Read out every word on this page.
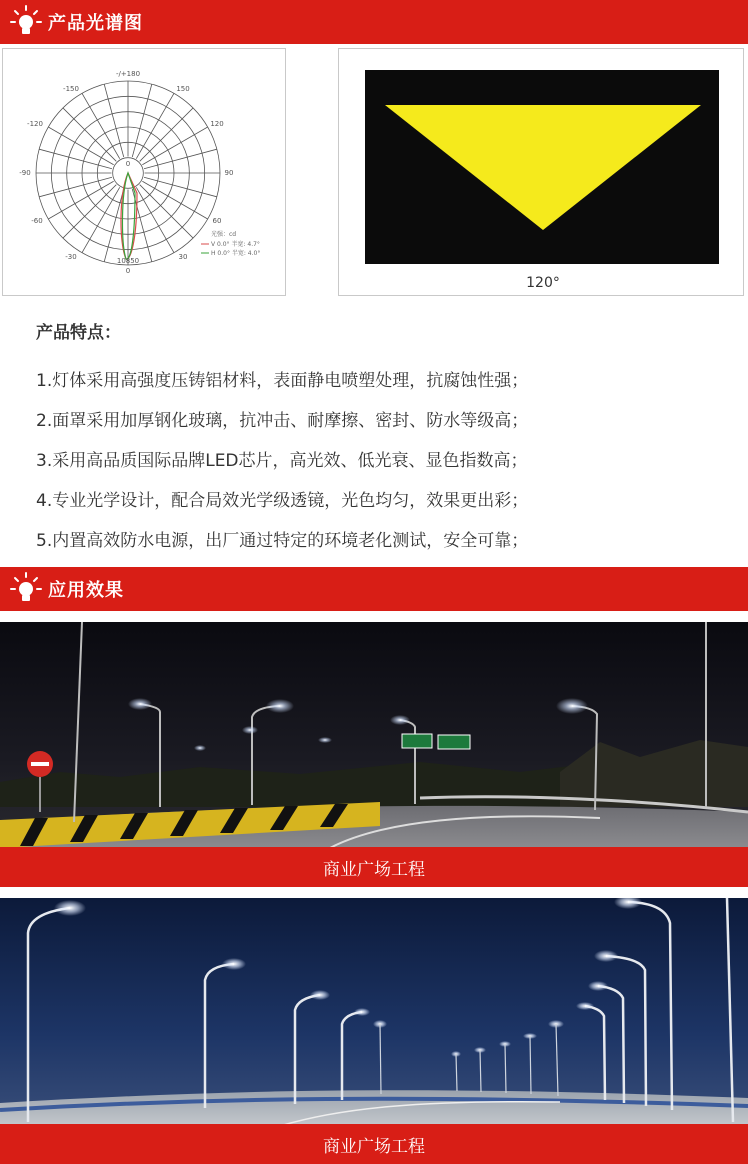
产品光谱图
-/+180
0
-150
-120
-90
-60
-30
150
120
90
60
30
10850
0
光强：cd
V 0.0° 半宽: 4.7°
H 0.0° 半宽: 4.0°
120°
产品特点：
1.灯体采用高强度压铸铝材料，表面静电喷塑处理，抗腐蚀性强；
2.面罩采用加厚钢化玻璃，抗冲击、耐摩擦、密封、防水等级高；
3.采用高品质国际品牌LED芯片，高光效、低光衰、显色指数高；
4.专业光学设计，配合局效光学级透镜，光色均匀，效果更出彩；
5.内置高效防水电源，出厂通过特定的环境老化测试，安全可靠；
应用效果
商业广场工程
商业广场工程
